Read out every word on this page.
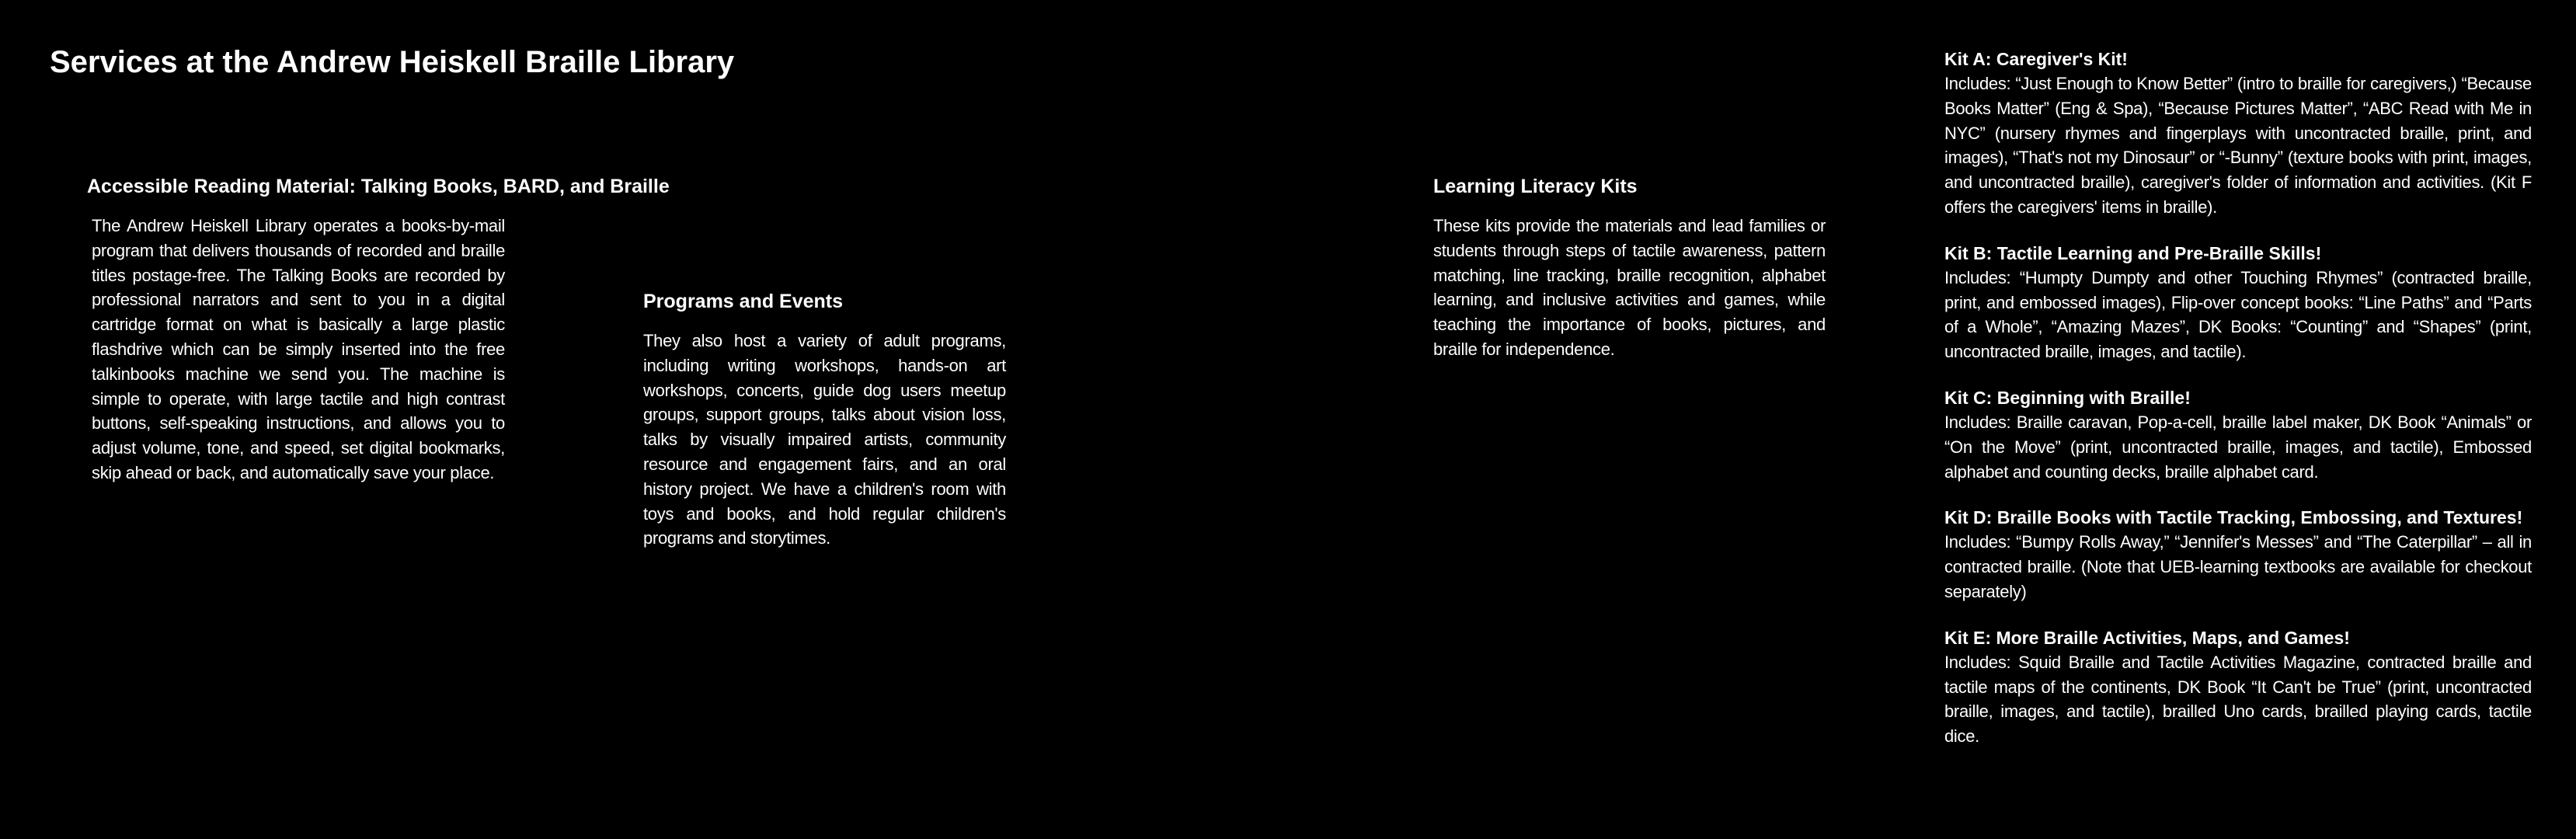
Services at the Andrew Heiskell Braille Library
Accessible Reading Material: Talking Books, BARD, and Braille

The Andrew Heiskell Library operates a books-by-mail program that delivers thousands of recorded and braille titles postage-free. The Talking Books are recorded by professional narrators and sent to you in a digital cartridge format on what is basically a large plastic flashdrive which can be simply inserted into the free talkinbooks machine we send you. The machine is simple to operate, with large tactile and high contrast buttons, self-speaking instructions, and allows you to adjust volume, tone, and speed, set digital bookmarks, skip ahead or back, and automatically save your place.

Programs and Events

They also host a variety of adult programs, including writing workshops, hands-on art workshops, concerts, guide dog users meetup groups, support groups, talks about vision loss, talks by visually impaired artists, community resource and engagement fairs, and an oral history project. We have a children's room with toys and books, and hold regular children's programs and storytimes.

Learning Literacy Kits

These kits provide the materials and lead families or students through steps of tactile awareness, pattern matching, line tracking, braille recognition, alphabet learning, and inclusive activities and games, while teaching the importance of books, pictures, and braille for independence.

Kit A: Caregiver's Kit!

Includes: “Just Enough to Know Better” (intro to braille for caregivers,) “Because Books Matter” (Eng & Spa), “Because Pictures Matter”, “ABC Read with Me in NYC” (nursery rhymes and fingerplays with uncontracted braille, print, and images), “That's not my Dinosaur” or “-Bunny” (texture books with print, images, and uncontracted braille), caregiver's folder of information and activities. (Kit F offers the caregivers' items in braille).

Kit B: Tactile Learning and Pre-Braille Skills!

Includes: “Humpty Dumpty and other Touching Rhymes” (contracted braille, print, and embossed images), Flip-over concept books: “Line Paths” and “Parts of a Whole”, “Amazing Mazes”, DK Books: “Counting” and “Shapes” (print, uncontracted braille, images, and tactile).

Kit C: Beginning with Braille!

Includes: Braille caravan, Pop-a-cell, braille label maker, DK Book “Animals” or “On the Move” (print, uncontracted braille, images, and tactile), Embossed alphabet and counting decks, braille alphabet card.

Kit D: Braille Books with Tactile Tracking, Embossing, and Textures!

Includes: “Bumpy Rolls Away,” “Jennifer's Messes” and “The Caterpillar” – all in contracted braille. (Note that UEB-learning textbooks are available for checkout separately)

Kit E: More Braille Activities, Maps, and Games!

Includes: Squid Braille and Tactile Activities Magazine, contracted braille and tactile maps of the continents, DK Book “It Can't be True” (print, uncontracted braille, images, and tactile), brailled Uno cards, brailled playing cards, tactile dice.
